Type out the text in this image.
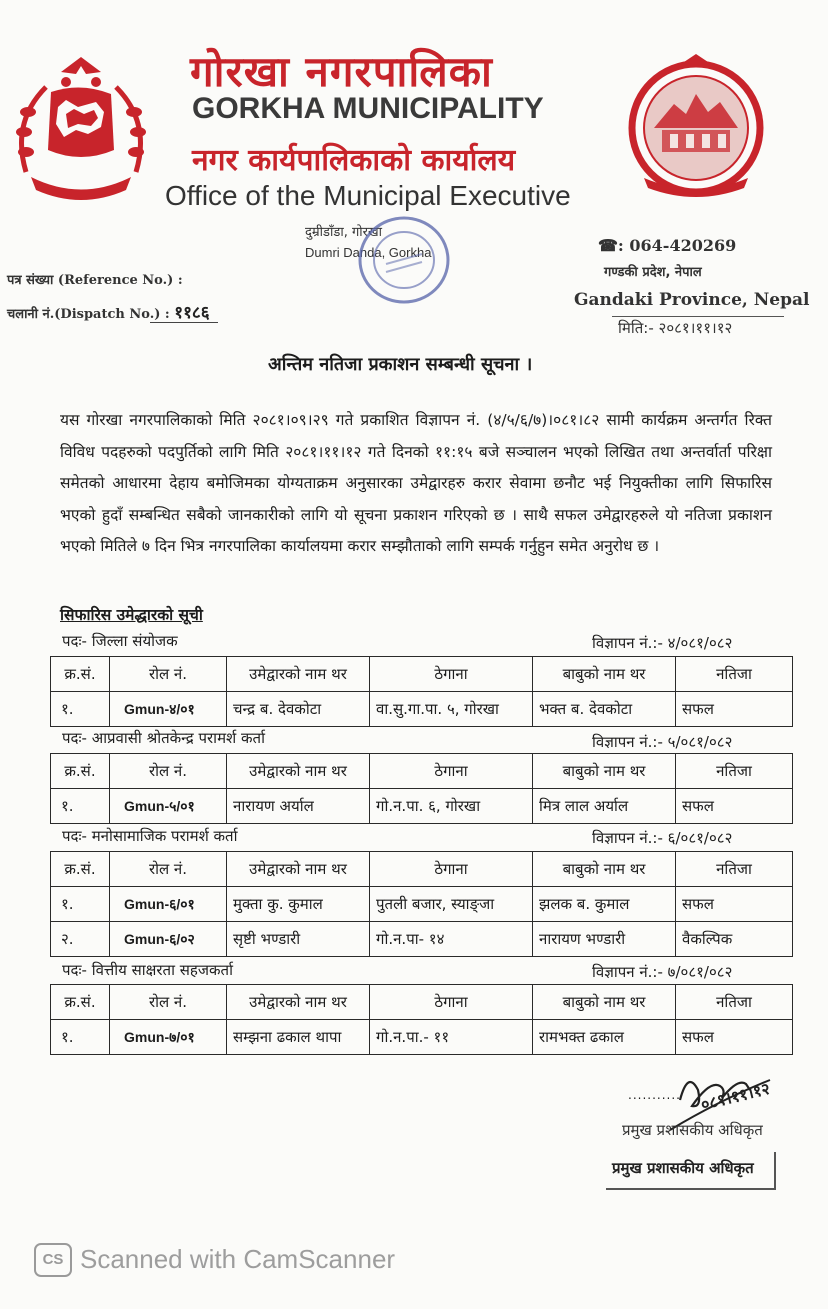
गोरखा नगरपालिका
GORKHA MUNICIPALITY
नगर कार्यपालिकाको कार्यालय
Office of the Municipal Executive
दुम्रीडाँडा, गोरखा
Dumri Danda, Gorkha
पत्र संख्या (Reference No.) :
चलानी नं.(Dispatch No.) : ११८६
☎: 064-420269
गण्डकी प्रदेश, नेपाल
Gandaki Province, Nepal
मिति:- २०८१।११।१२
अन्तिम नतिजा प्रकाशन सम्बन्धी सूचना ।
यस गोरखा नगरपालिकाको मिति २०८१।०९।२९ गते प्रकाशित विज्ञापन नं. (४/५/६/७)।०८१।८२ सामी कार्यक्रम अन्तर्गत रिक्त विविध पदहरुको पदपुर्तिको लागि मिति २०८१।११।१२ गते दिनको ११:१५ बजे सञ्चालन भएको लिखित तथा अन्तर्वार्ता परिक्षा समेतको आधारमा देहाय बमोजिमका योग्यताक्रम अनुसारका उमेद्वारहरु करार सेवामा छनौट भई नियुक्तीका लागि सिफारिस भएको हुदाँ सम्बन्धित सबैको जानकारीको लागि यो सूचना प्रकाशन गरिएको छ । साथै सफल उमेद्वारहरुले यो नतिजा प्रकाशन भएको मितिले ७ दिन भित्र नगरपालिका कार्यालयमा करार सम्झौताको लागि सम्पर्क गर्नुहुन समेत अनुरोध छ ।
सिफारिस उमेद्धारको सूची
पदः- जिल्ला संयोजक	विज्ञापन नं.:- ४/०८१/०८२
क्र.सं.	रोल नं.	उमेद्वारको नाम थर	ठेगाना	बाबुको नाम थर	नतिजा
१.	Gmun-४/०१	चन्द्र ब. देवकोटा	वा.सु.गा.पा. ५, गोरखा	भक्त ब. देवकोटा	सफल
पदः- आप्रवासी श्रोतकेन्द्र परामर्श कर्ता	विज्ञापन नं.:- ५/०८१/०८२
क्र.सं.	रोल नं.	उमेद्वारको नाम थर	ठेगाना	बाबुको नाम थर	नतिजा
१.	Gmun-५/०१	नारायण अर्याल	गो.न.पा. ६, गोरखा	मित्र लाल अर्याल	सफल
पदः- मनोसामाजिक परामर्श कर्ता	विज्ञापन नं.:- ६/०८१/०८२
क्र.सं.	रोल नं.	उमेद्वारको नाम थर	ठेगाना	बाबुको नाम थर	नतिजा
१.	Gmun-६/०१	मुक्ता कु. कुमाल	पुतली बजार, स्याङ्जा	झलक ब. कुमाल	सफल
२.	Gmun-६/०२	सृष्टी भण्डारी	गो.न.पा- १४	नारायण भण्डारी	वैकल्पिक
पदः- वित्तीय साक्षरता सहजकर्ता	विज्ञापन नं.:- ७/०८१/०८२
क्र.सं.	रोल नं.	उमेद्वारको नाम थर	ठेगाना	बाबुको नाम थर	नतिजा
१.	Gmun-७/०१	सम्झना ढकाल थापा	गो.न.पा.- ११	रामभक्त ढकाल	सफल
........... ०८१।११।१२
प्रमुख प्रशासकीय अधिकृत
प्रमुख प्रशासकीय अधिकृत
CS Scanned with CamScanner
